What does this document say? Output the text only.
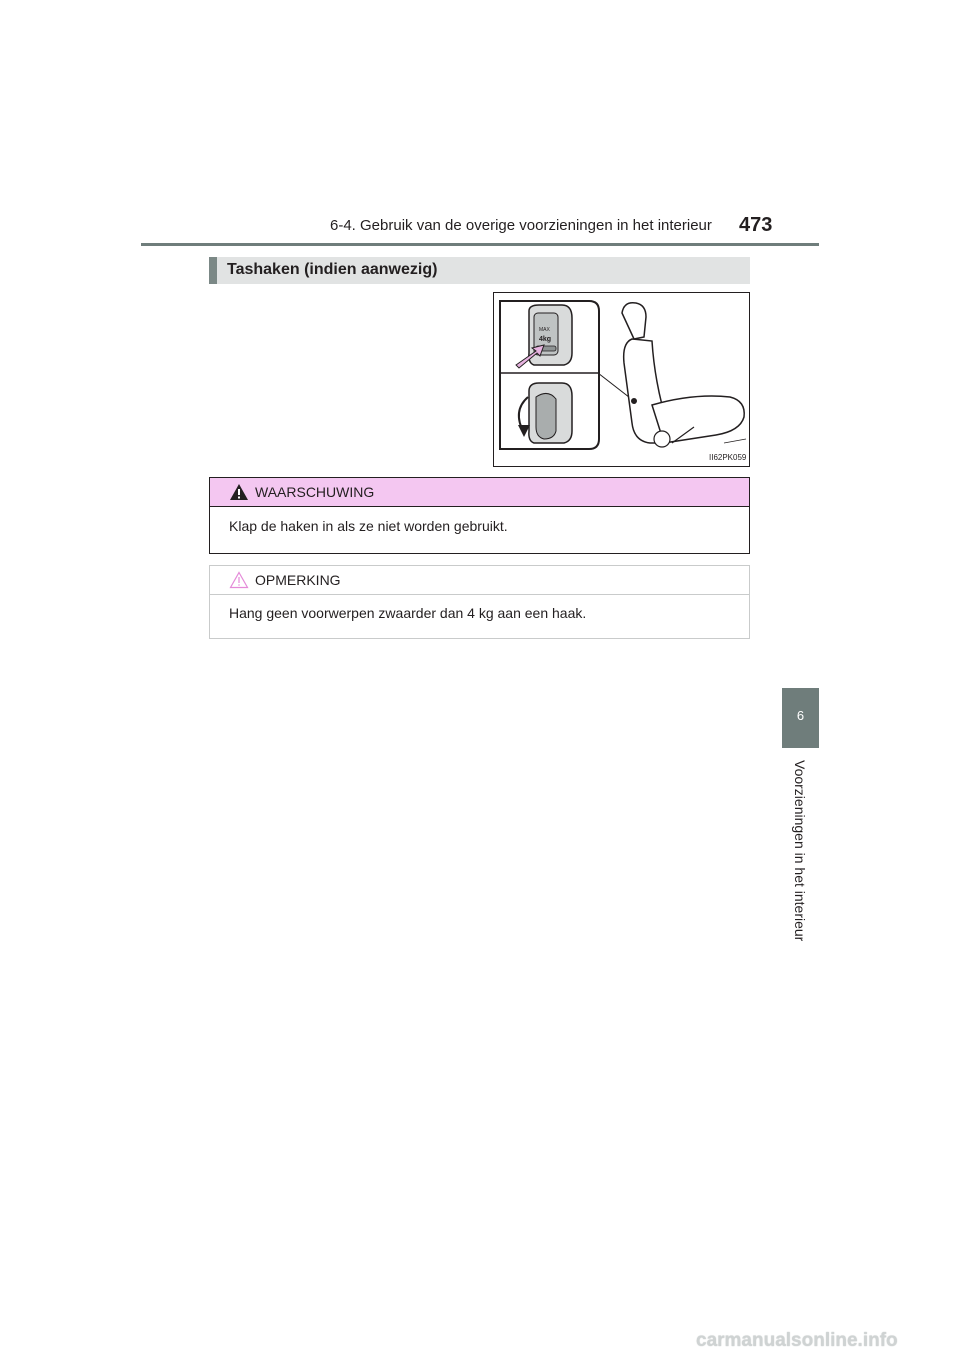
6-4. Gebruik van de overige voorzieningen in het interieur 473
6
Voorzieningen in het interieur
Tashaken (indien aanwezig)
MAX
4kg
II62PK059
WAARSCHUWING
Klap de haken in als ze niet worden gebruikt.
OPMERKING
Hang geen voorwerpen zwaarder dan 4 kg aan een haak.
carmanualsonline.info
